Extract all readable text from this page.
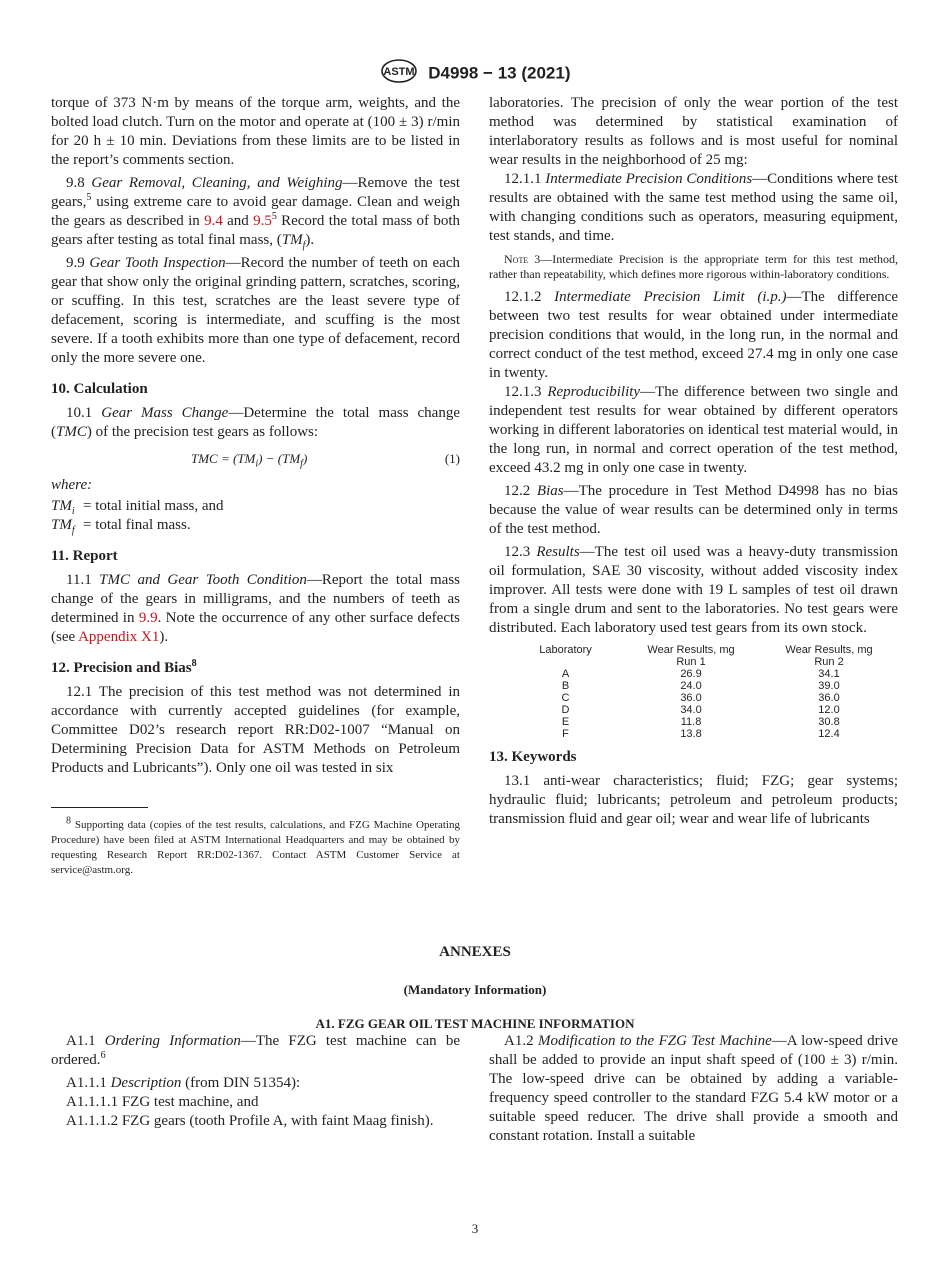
ASTM D4998 − 13 (2021)

torque of 373 N·m by means of the torque arm, weights, and the bolted load clutch. Turn on the motor and operate at (100 ± 3) r/min for 20 h ± 10 min. Deviations from these limits are to be listed in the report’s comments section.

9.8 Gear Removal, Cleaning, and Weighing—Remove the test gears,$^5$ using extreme care to avoid gear damage. Clean and weigh the gears as described in 9.4 and $9.5^5$ Record the total mass of both gears after testing as total final mass, $(TM_f)$.

9.9 Gear Tooth Inspection—Record the number of teeth on each gear that show only the original grinding pattern, scratches, scoring, or scuffing. In this test, scratches are the least severe type of defacement, scoring is intermediate, and scuffing is the most severe. If a tooth exhibits more than one type of defacement, record only the more severe one.

10. Calculation

10.1 Gear Mass Change—Determine the total mass change (TMC) of the precision test gears as follows:

TMC = $(TM_i) - (TM_f)$	(1)
where:
$TM_i$ = total initial mass, and
$TM_f$ = total final mass.
11. Report

11.1 TMC and Gear Tooth Condition—Report the total mass change of the gears in milligrams, and the numbers of teeth as determined in 9.9. Note the occurrence of any other surface defects (see Appendix X1).

12. Precision and Bias$^8$

12.1 The precision of this test method was not determined in accordance with currently accepted guidelines (for example, Committee D02’s research report RR:D02-1007 “Manual on Determining Precision Data for ASTM Methods on Petroleum Products and Lubricants”). Only one oil was tested in six

$^8$ Supporting data (copies of the test results, calculations, and FZG Machine Operating Procedure) have been filed at ASTM International Headquarters and may be obtained by requesting Research Report RR:D02-1367. Contact ASTM Customer Service at service@astm.org.

laboratories. The precision of only the wear portion of the test method was determined by statistical examination of interlaboratory results as follows and is most useful for nominal wear results in the neighborhood of 25 mg:

12.1.1 Intermediate Precision Conditions—Conditions where test results are obtained with the same test method using the same oil, with changing conditions such as operators, measuring equipment, test stands, and time.

Note 3—Intermediate Precision is the appropriate term for this test method, rather than repeatability, which defines more rigorous within-laboratory conditions.

12.1.2 Intermediate Precision Limit (i.p.)—The difference between two test results for wear obtained under intermediate precision conditions that would, in the long run, in the normal and correct conduct of the test method, exceed 27.4 mg in only one case in twenty.

12.1.3 Reproducibility—The difference between two single and independent test results for wear obtained by different operators working in different laboratories on identical test material would, in the long run, in normal and correct operation of the test method, exceed 43.2 mg in only one case in twenty.

12.2 Bias—The procedure in Test Method D4998 has no bias because the value of wear results can be determined only in terms of the test method.

12.3 Results—The test oil used was a heavy-duty transmission oil formulation, SAE 30 viscosity, without added viscosity index improver. All tests were done with 19 L samples of test oil drawn from a single drum and sent to the laboratories. No test gears were distributed. Each laboratory used test gears from its own stock.

Laboratory	Wear Results, mg	Wear Results, mg
	Run 1	Run 2
A	26.9	34.1
B	24.0	39.0
C	36.0	36.0
D	34.0	12.0
E	11.8	30.8
F	13.8	12.4
13. Keywords

13.1 anti-wear characteristics; fluid; FZG; gear systems; hydraulic fluid; lubricants; petroleum and petroleum products; transmission fluid and gear oil; wear and wear life of lubricants

ANNEXES
(Mandatory Information)
A1. FZG GEAR OIL TEST MACHINE INFORMATION

A1.1 Ordering Information—The FZG test machine can be ordered.$^6$

A1.1.1 Description (from DIN 51354):

A1.1.1.1 FZG test machine, and

A1.1.1.2 FZG gears (tooth Profile A, with faint Maag finish).

A1.2 Modification to the FZG Test Machine—A low-speed drive shall be added to provide an input shaft speed of (100 ± 3) r/min. The low-speed drive can be obtained by adding a variable-frequency speed controller to the standard FZG 5.4 kW motor or a suitable speed reducer. The drive shall provide a smooth and constant rotation. Install a suitable

3
